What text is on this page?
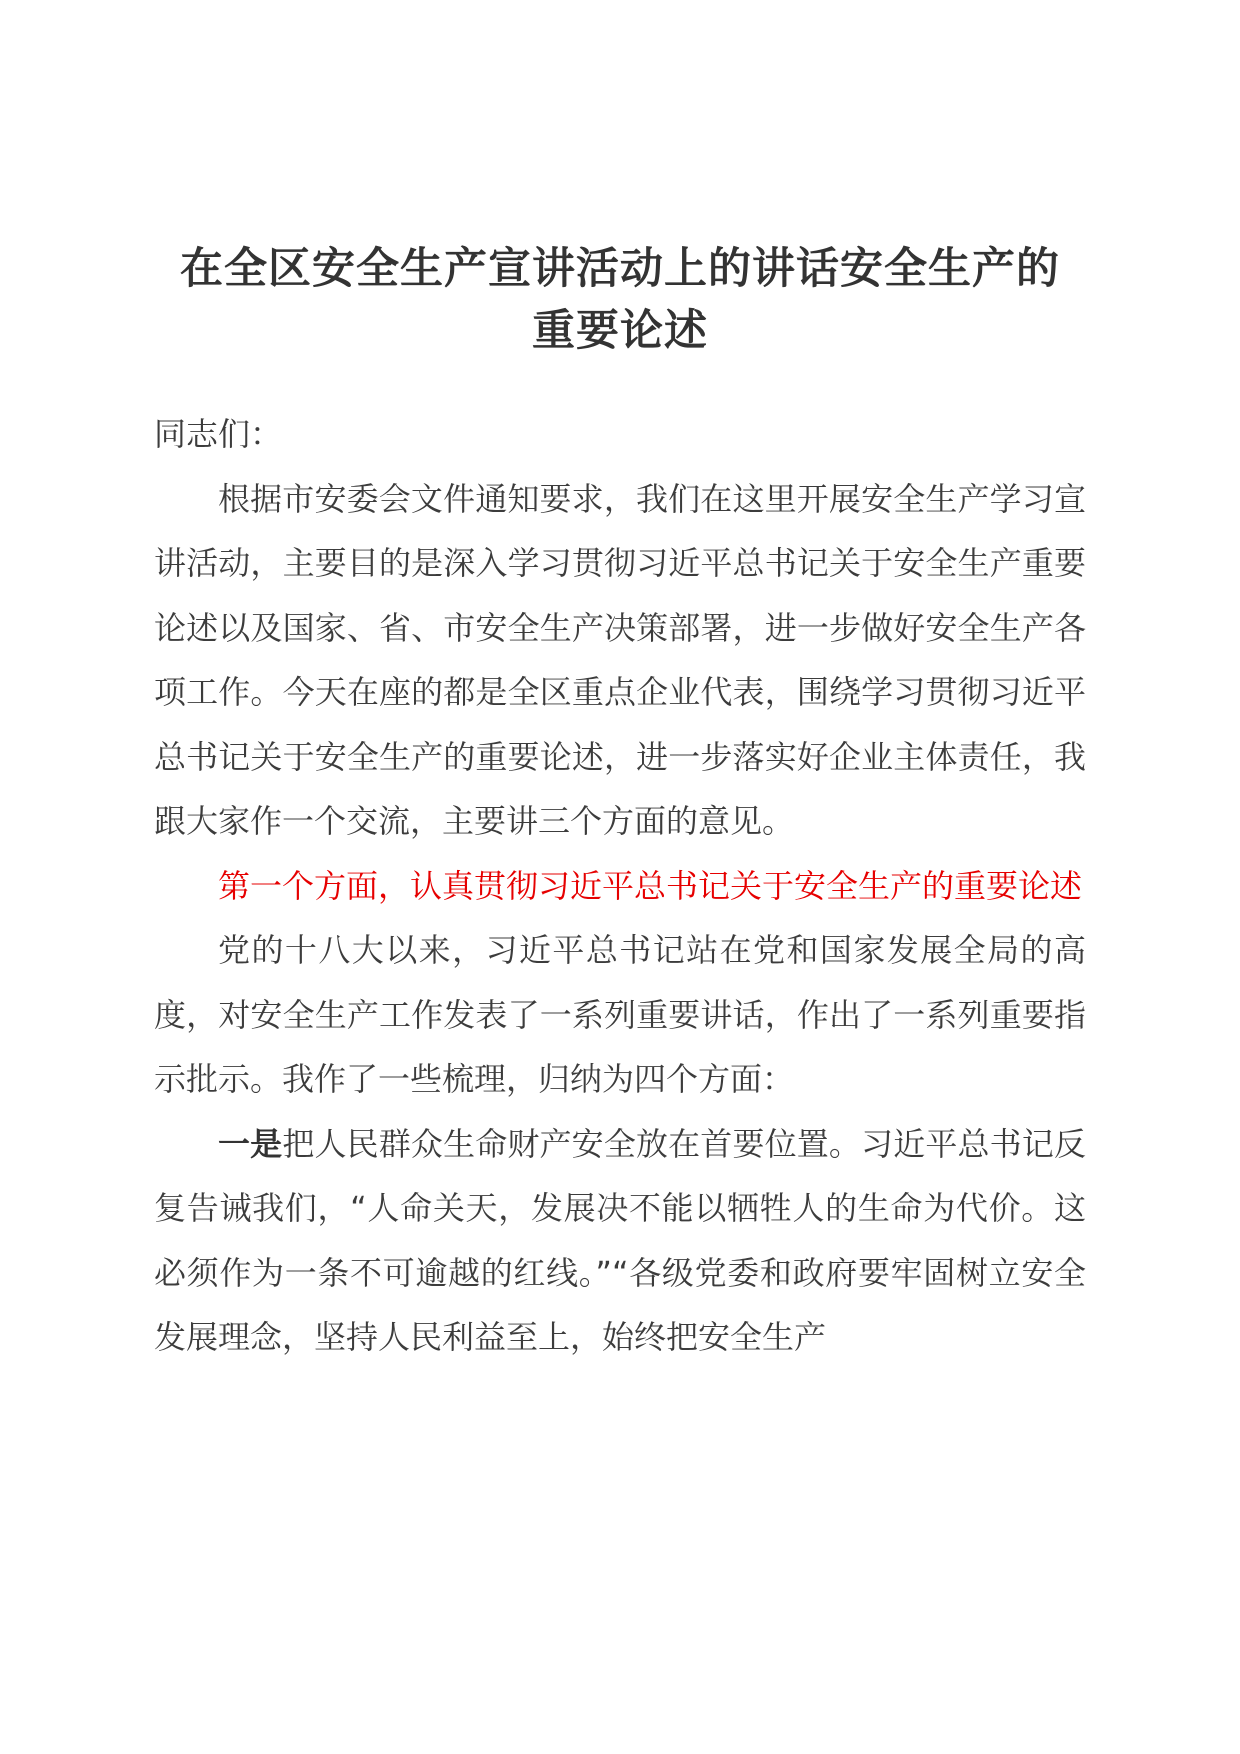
在全区安全生产宣讲活动上的讲话安全生产的
重要论述

同志们：

根据市安委会文件通知要求，我们在这里开展安全生产学习宣讲活动，主要目的是深入学习贯彻习近平总书记关于安全生产重要论述以及国家、省、市安全生产决策部署，进一步做好安全生产各项工作。今天在座的都是全区重点企业代表，围绕学习贯彻习近平总书记关于安全生产的重要论述，进一步落实好企业主体责任，我跟大家作一个交流，主要讲三个方面的意见。

第一个方面，认真贯彻习近平总书记关于安全生产的重要论述

党的十八大以来，习近平总书记站在党和国家发展全局的高度，对安全生产工作发表了一系列重要讲话，作出了一系列重要指示批示。我作了一些梳理，归纳为四个方面：

一是把人民群众生命财产安全放在首要位置。习近平总书记反复告诫我们，“人命关天，发展决不能以牺牲人的生命为代价。这必须作为一条不可逾越的红线。”“各级党委和政府要牢固树立安全发展理念，坚持人民利益至上，始终把安全生产
